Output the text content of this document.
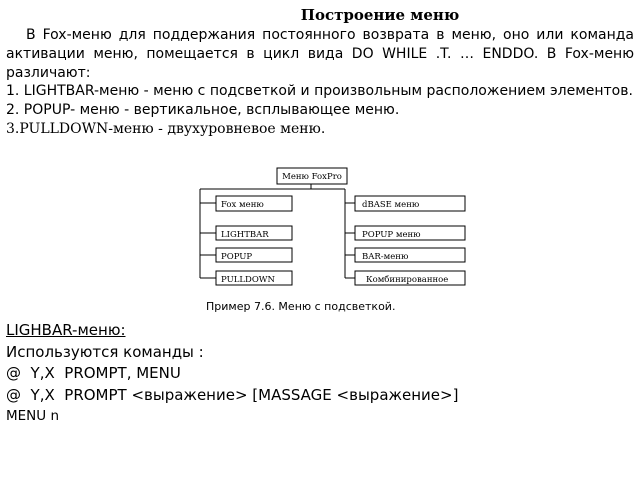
Построение меню

В Fox-меню для поддержания постоянного возврата в меню, оно или команда активации меню, помещается в цикл вида DO WHILE .T. … ENDDO. В Fox-меню различают:

1. LIGHTBAR-меню - меню с подсветкой и произвольным расположением элементов.

2. POPUP- меню - вертикальное, всплывающее меню.

3.PULLDOWN-меню - двухуровневое меню.

Меню FoxPro
Fox меню
LIGHTBAR
POPUP
PULLDOWN
dBASE меню
POPUP меню
BAR-меню
Комбинированное
Пример 7.6. Меню с подсветкой.
LIGHBAR-меню:
Используются команды :
@  Y,X  PROMPT, MENU
@  Y,X  PROMPT <выражение> [MASSAGE <выражение>]
MENU n
